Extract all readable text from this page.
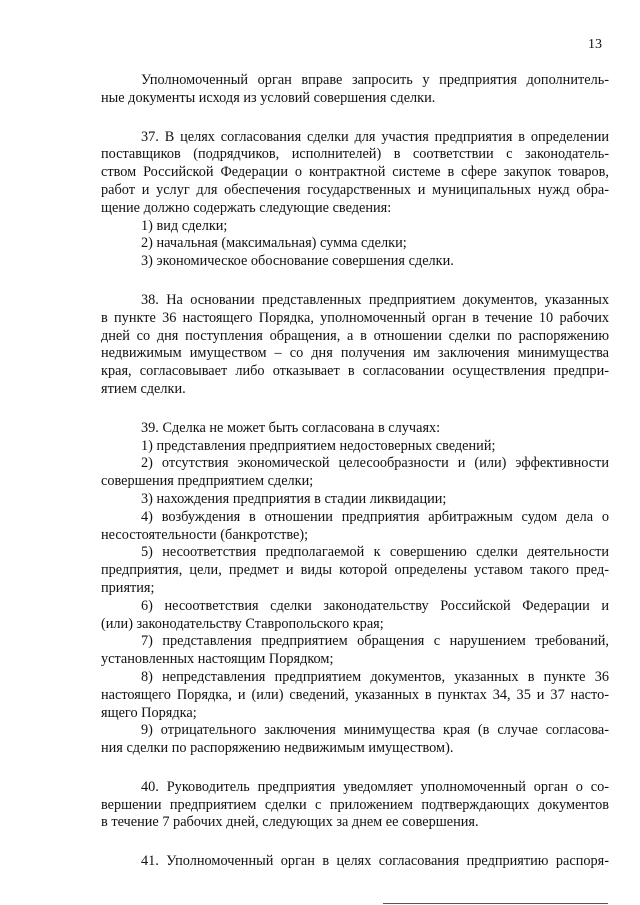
13
Уполномоченный орган вправе запросить у предприятия дополнитель-
ные документы исходя из условий совершения сделки.
37. В целях согласования сделки для участия предприятия в определении
поставщиков (подрядчиков, исполнителей) в соответствии с законодатель-
ством Российской Федерации о контрактной системе в сфере закупок товаров,
работ и услуг для обеспечения государственных и муниципальных нужд обра-
щение должно содержать следующие сведения:
1) вид сделки;
2) начальная (максимальная) сумма сделки;
3) экономическое обоснование совершения сделки.
38. На основании представленных предприятием документов, указанных
в пункте 36 настоящего Порядка, уполномоченный орган в течение 10 рабочих
дней со дня поступления обращения, а в отношении сделки по распоряжению
недвижимым имуществом – со дня получения им заключения минимущества
края, согласовывает либо отказывает в согласовании осуществления предпри-
ятием сделки.
39. Сделка не может быть согласована в случаях:
1) представления предприятием недостоверных сведений;
2) отсутствия экономической целесообразности и (или) эффективности
совершения предприятием сделки;
3) нахождения предприятия в стадии ликвидации;
4) возбуждения в отношении предприятия арбитражным судом дела о
несостоятельности (банкротстве);
5) несоответствия предполагаемой к совершению сделки деятельности
предприятия, цели, предмет и виды которой определены уставом такого пред-
приятия;
6) несоответствия сделки законодательству Российской Федерации и
(или) законодательству Ставропольского края;
7) представления предприятием обращения с нарушением требований,
установленных настоящим Порядком;
8) непредставления предприятием документов, указанных в пункте 36
настоящего Порядка, и (или) сведений, указанных в пунктах 34, 35 и 37 насто-
ящего Порядка;
9) отрицательного заключения минимущества края (в случае согласова-
ния сделки по распоряжению недвижимым имуществом).
40. Руководитель предприятия уведомляет уполномоченный орган о со-
вершении предприятием сделки с приложением подтверждающих документов
в течение 7 рабочих дней, следующих за днем ее совершения.
41. Уполномоченный орган в целях согласования предприятию распоря-
